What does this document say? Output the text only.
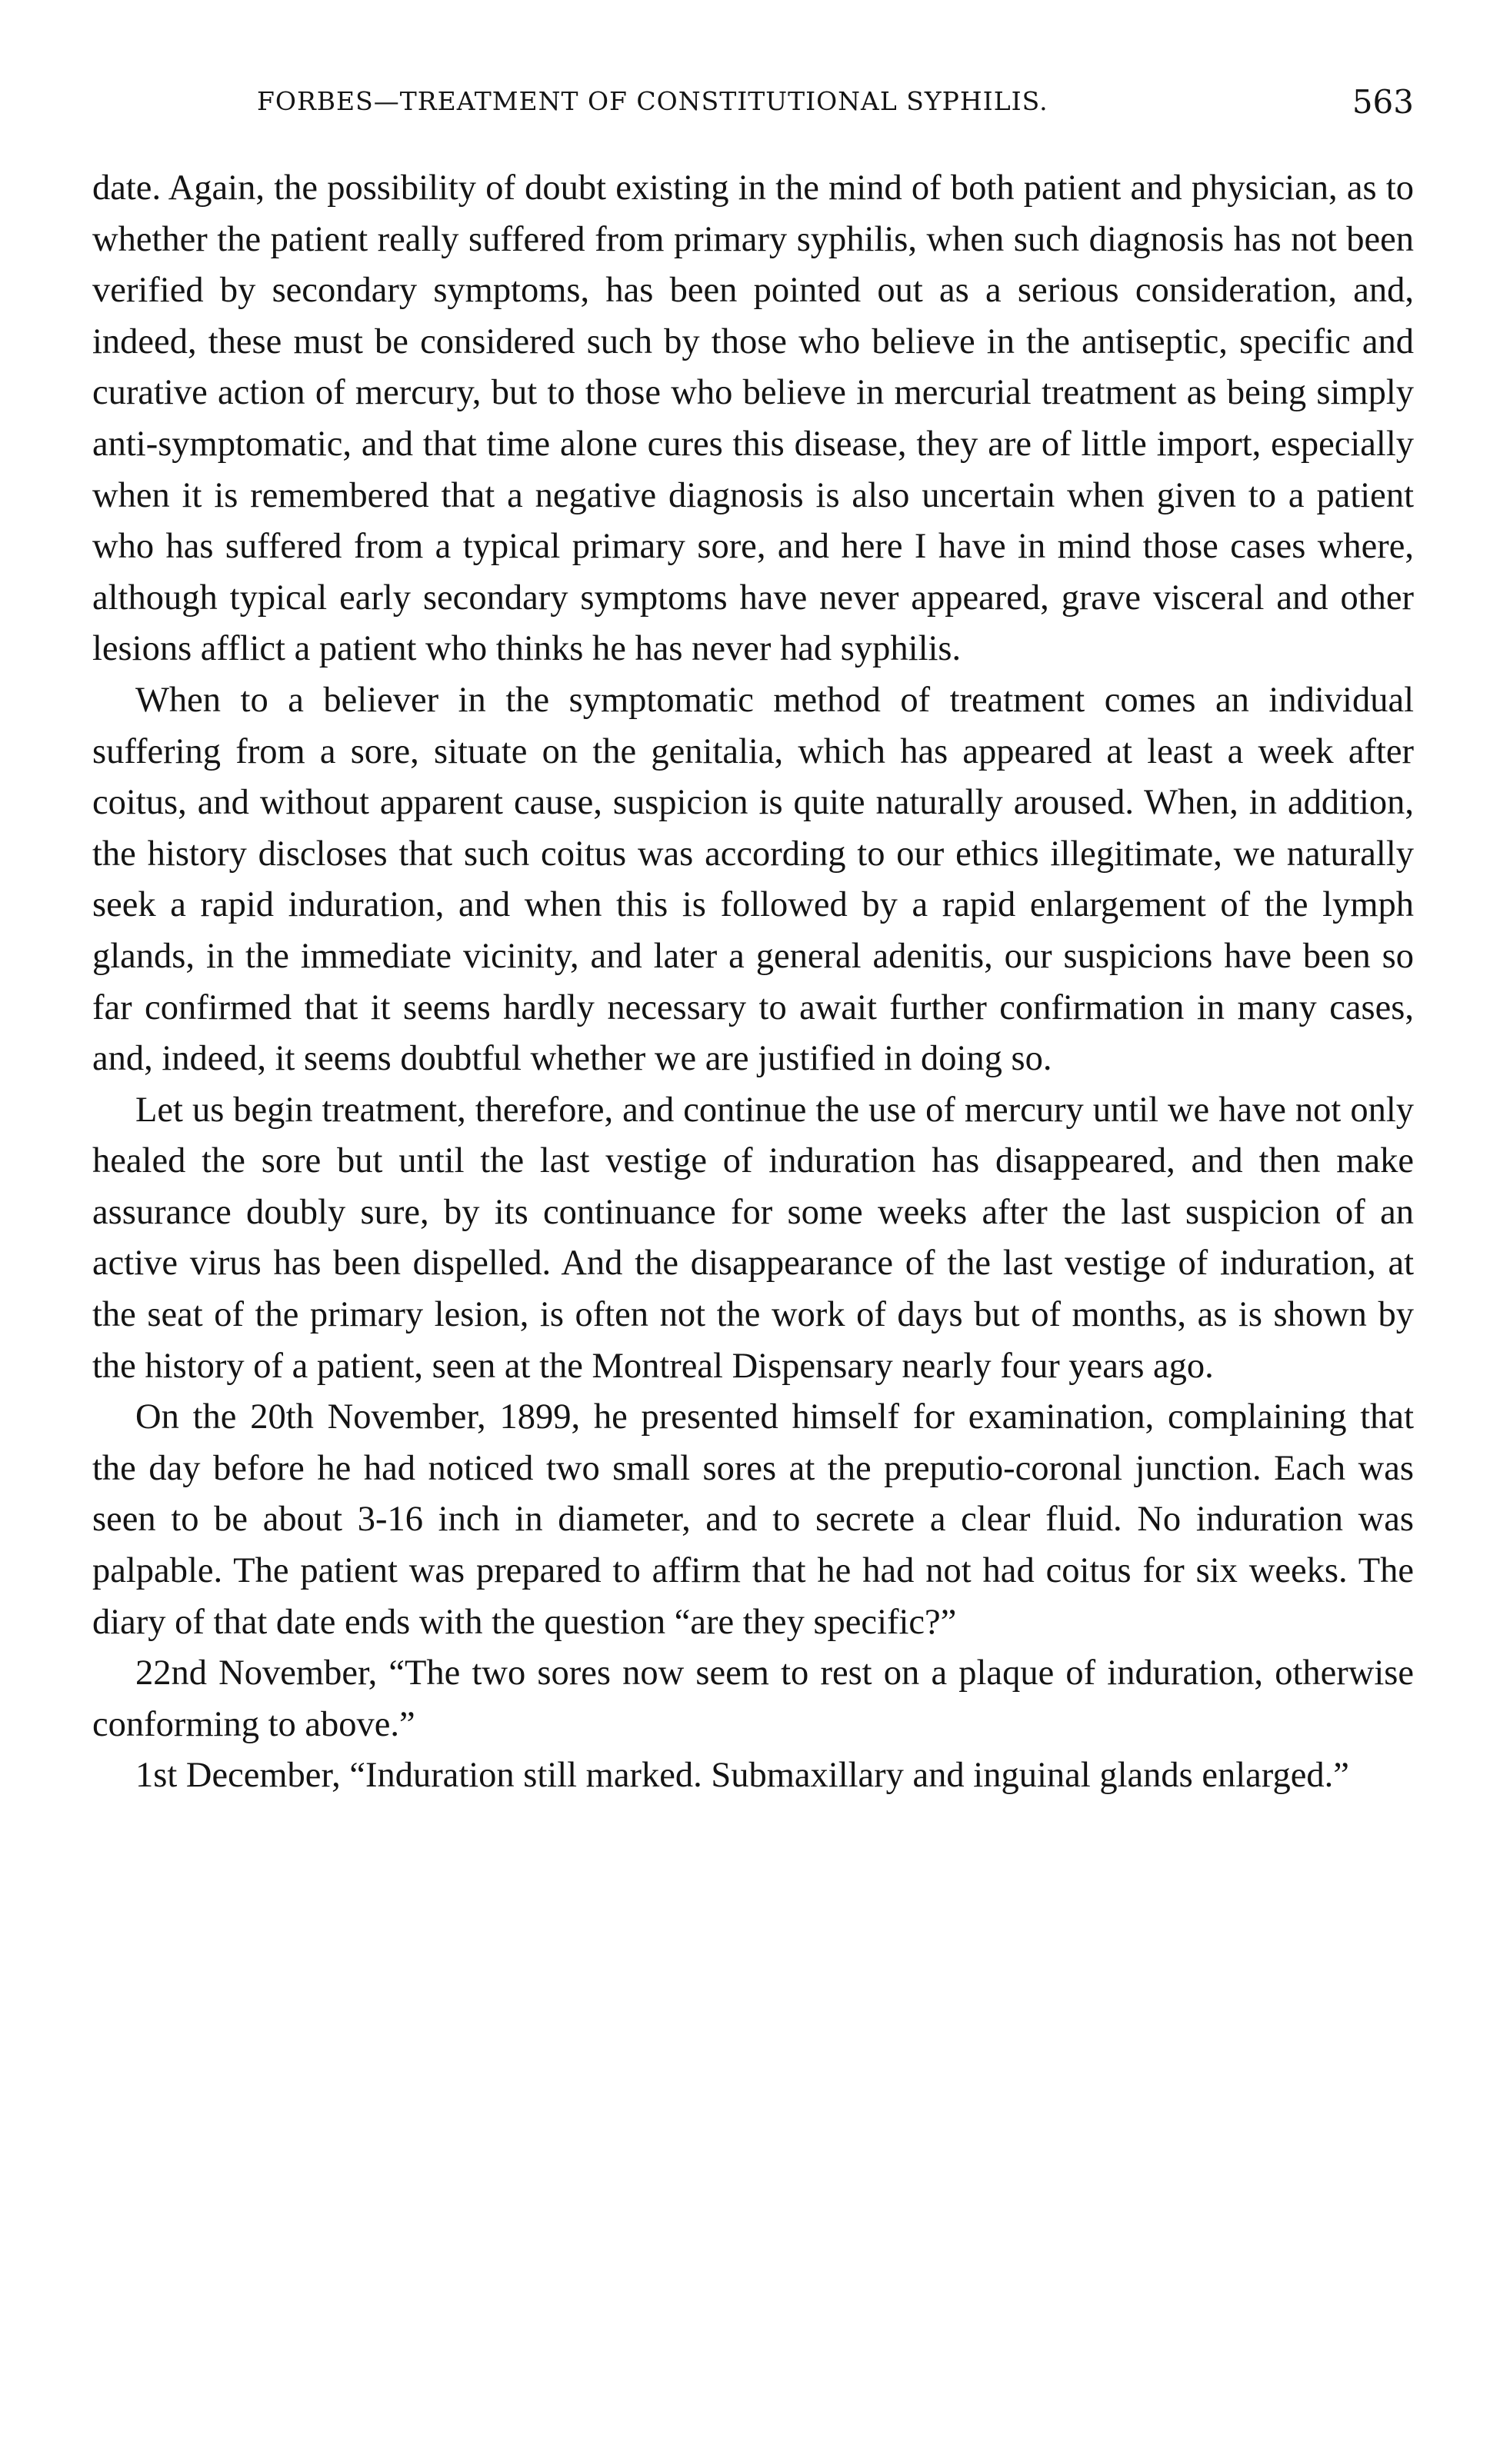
FORBES—TREATMENT OF CONSTITUTIONAL SYPHILIS.	563

date. Again, the possibility of doubt existing in the mind of both patient and physician, as to whether the patient really suffered from primary syphilis, when such diagnosis has not been verified by secondary symptoms, has been pointed out as a serious consideration, and, indeed, these must be considered such by those who believe in the antiseptic, specific and curative action of mercury, but to those who believe in mercurial treatment as being simply anti-symptomatic, and that time alone cures this disease, they are of little import, especially when it is remembered that a negative diagnosis is also uncertain when given to a patient who has suffered from a typical primary sore, and here I have in mind those cases where, although typical early secondary symptoms have never appeared, grave visceral and other lesions afflict a patient who thinks he has never had syphilis.

When to a believer in the symptomatic method of treatment comes an individual suffering from a sore, situate on the genitalia, which has appeared at least a week after coitus, and without apparent cause, suspicion is quite naturally aroused. When, in addition, the history discloses that such coitus was according to our ethics illegitimate, we naturally seek a rapid induration, and when this is followed by a rapid enlargement of the lymph glands, in the immediate vicinity, and later a general adenitis, our suspicions have been so far confirmed that it seems hardly necessary to await further confirmation in many cases, and, indeed, it seems doubtful whether we are justified in doing so.

Let us begin treatment, therefore, and continue the use of mercury until we have not only healed the sore but until the last vestige of induration has disappeared, and then make assurance doubly sure, by its continuance for some weeks after the last suspicion of an active virus has been dispelled. And the disappearance of the last vestige of induration, at the seat of the primary lesion, is often not the work of days but of months, as is shown by the history of a patient, seen at the Montreal Dispensary nearly four years ago.

On the 20th November, 1899, he presented himself for examination, complaining that the day before he had noticed two small sores at the preputio-coronal junction. Each was seen to be about 3-16 inch in diameter, and to secrete a clear fluid. No induration was palpable. The patient was prepared to affirm that he had not had coitus for six weeks. The diary of that date ends with the question “are they specific?”

22nd November, “The two sores now seem to rest on a plaque of induration, otherwise conforming to above.”

1st December, “Induration still marked. Submaxillary and inguinal glands enlarged.”
